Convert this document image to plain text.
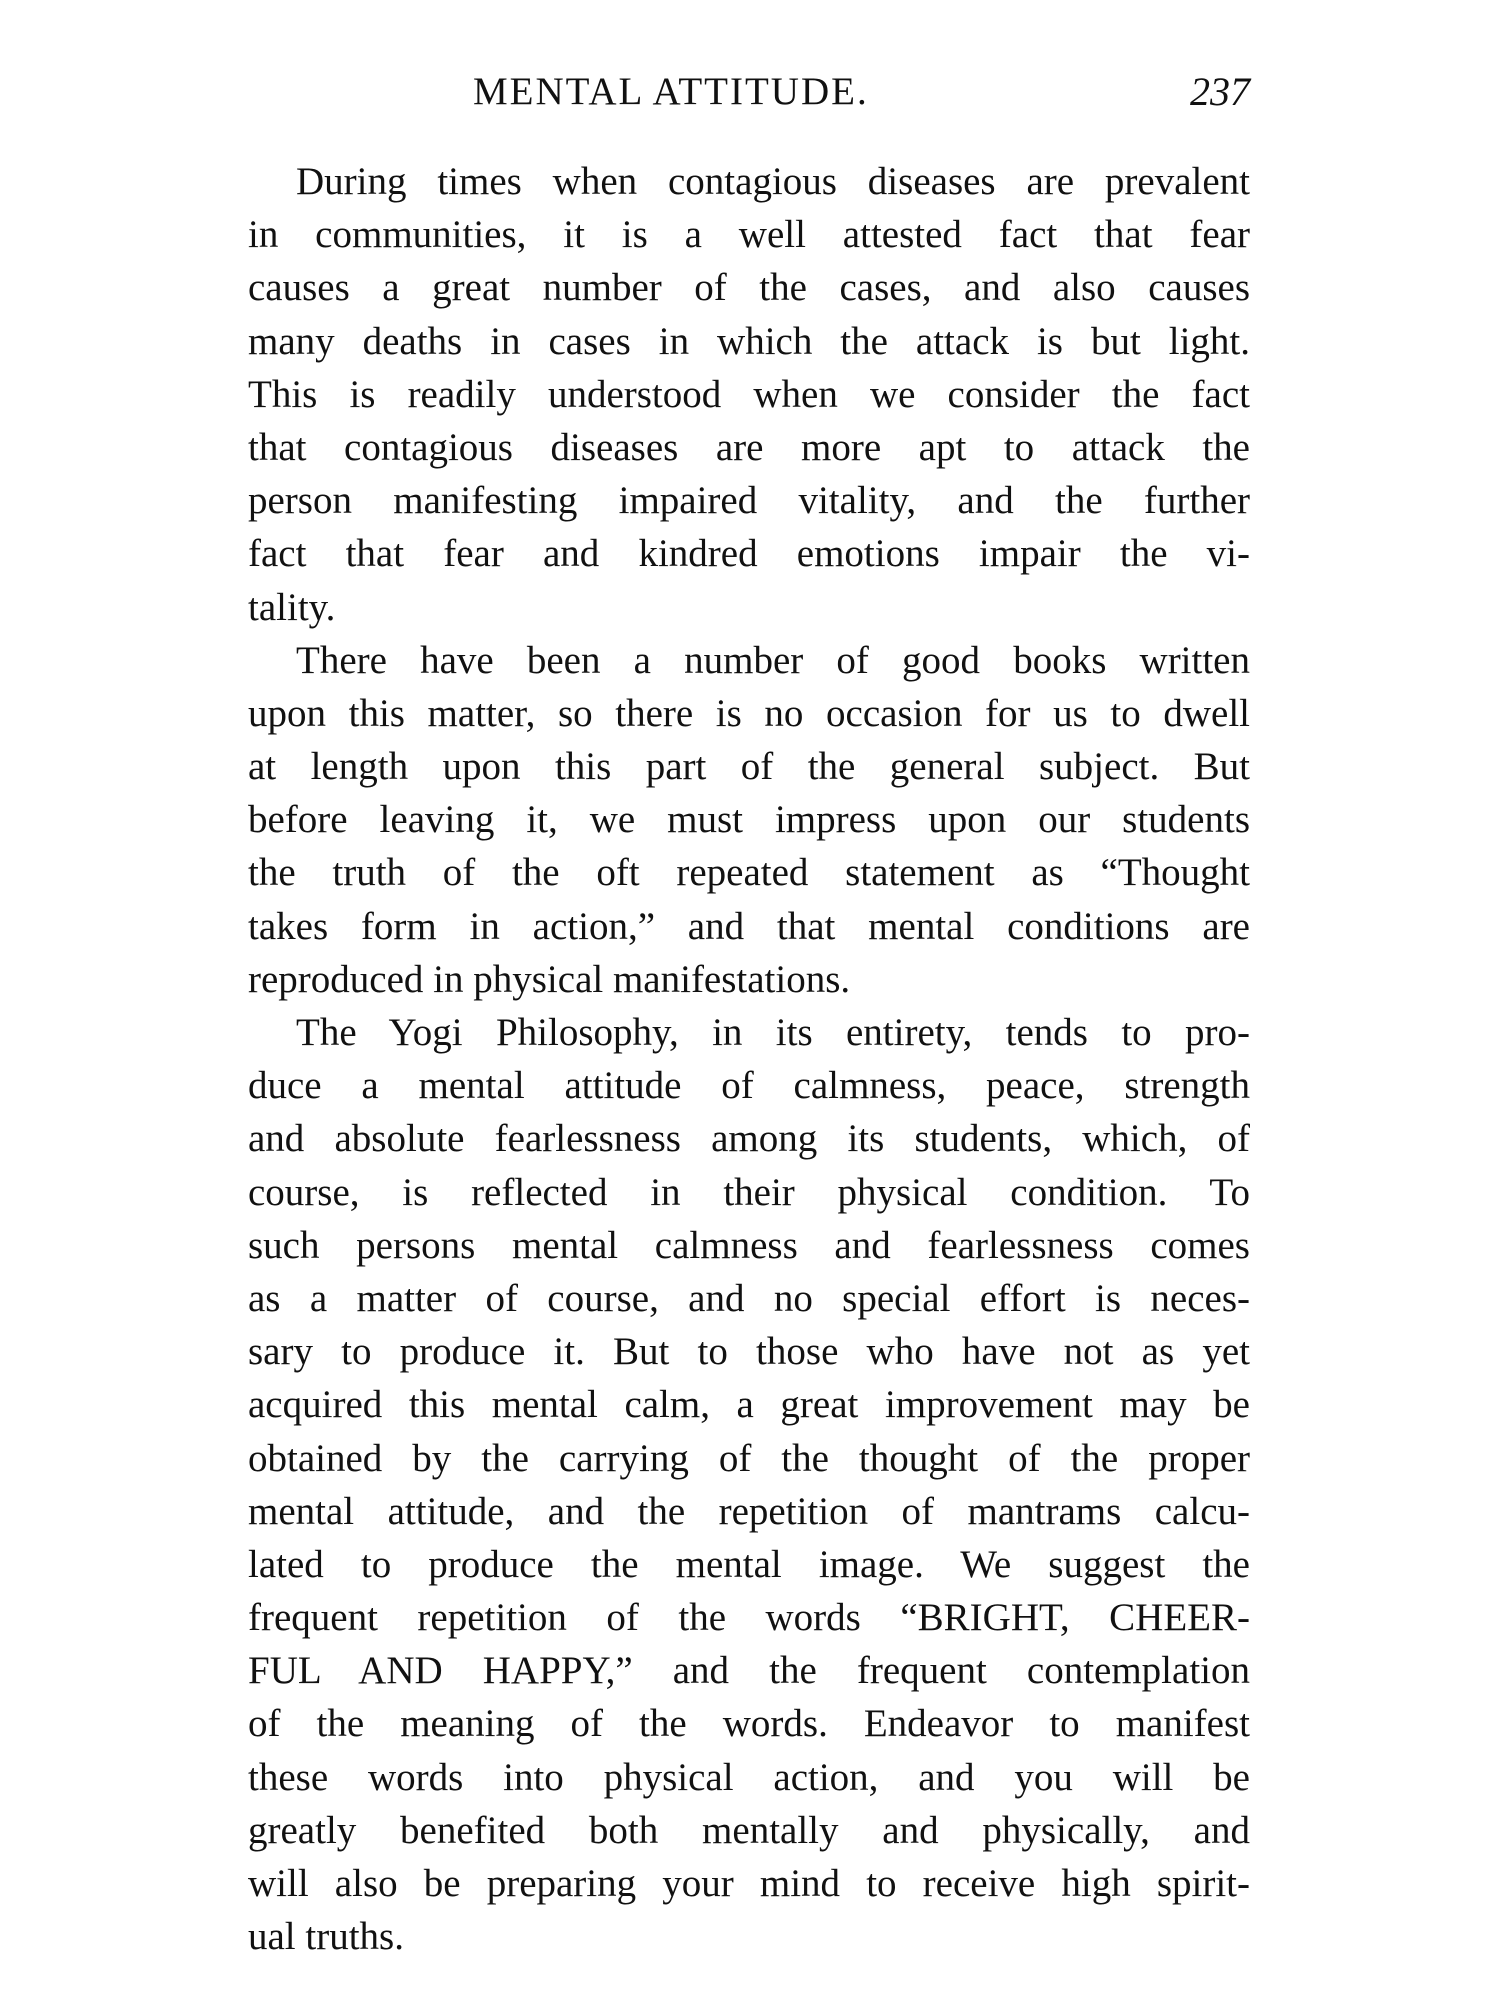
MENTAL ATTITUDE.	237
During times when contagious diseases are prevalent
in communities, it is a well attested fact that fear
causes a great number of the cases, and also causes
many deaths in cases in which the attack is but light.
This is readily understood when we consider the fact
that contagious diseases are more apt to attack the
person manifesting impaired vitality, and the further
fact that fear and kindred emotions impair the vi-
tality.
There have been a number of good books written
upon this matter, so there is no occasion for us to dwell
at length upon this part of the general subject. But
before leaving it, we must impress upon our students
the truth of the oft repeated statement as “Thought
takes form in action,” and that mental conditions are
reproduced in physical manifestations.
The Yogi Philosophy, in its entirety, tends to pro-
duce a mental attitude of calmness, peace, strength
and absolute fearlessness among its students, which, of
course, is reflected in their physical condition. To
such persons mental calmness and fearlessness comes
as a matter of course, and no special effort is neces-
sary to produce it. But to those who have not as yet
acquired this mental calm, a great improvement may be
obtained by the carrying of the thought of the proper
mental attitude, and the repetition of mantrams calcu-
lated to produce the mental image. We suggest the
frequent repetition of the words “BRIGHT, CHEER-
FUL AND HAPPY,” and the frequent contemplation
of the meaning of the words. Endeavor to manifest
these words into physical action, and you will be
greatly benefited both mentally and physically, and
will also be preparing your mind to receive high spirit-
ual truths.
